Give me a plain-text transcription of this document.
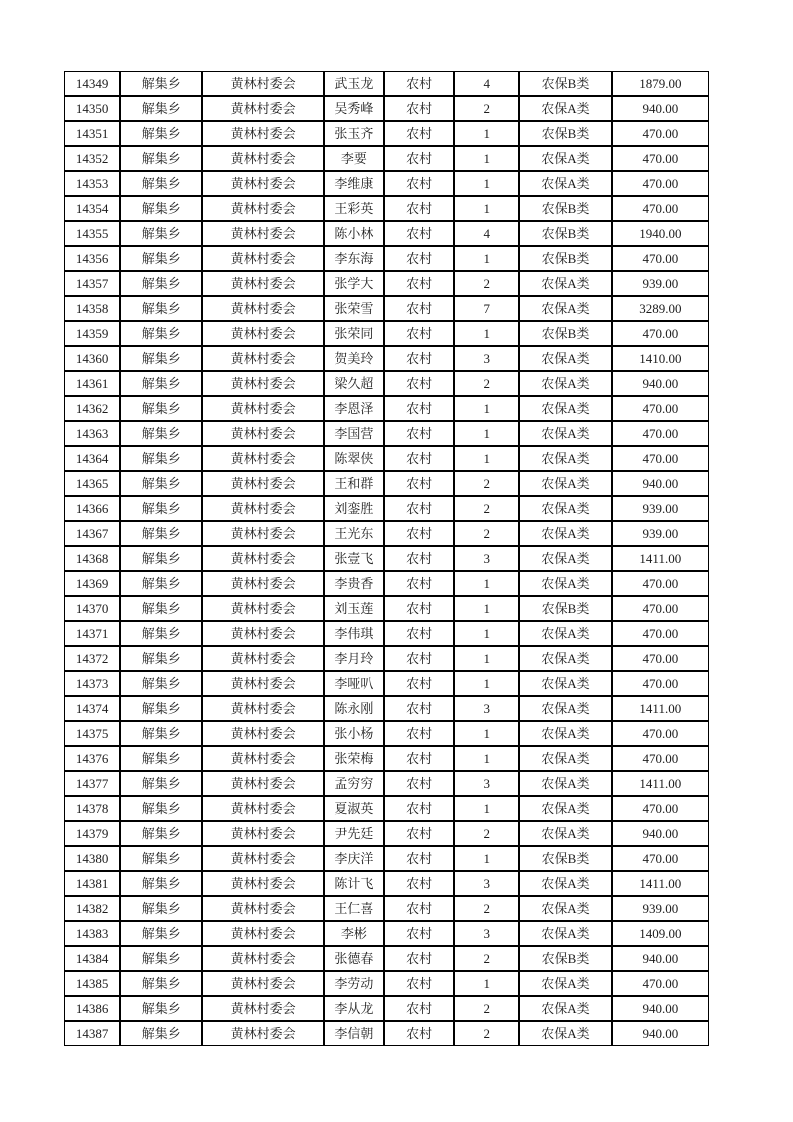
14349	解集乡	黄林村委会	武玉龙	农村	4	农保B类	1879.00
14350	解集乡	黄林村委会	吴秀峰	农村	2	农保A类	940.00
14351	解集乡	黄林村委会	张玉齐	农村	1	农保B类	470.00
14352	解集乡	黄林村委会	李要	农村	1	农保A类	470.00
14353	解集乡	黄林村委会	李维康	农村	1	农保A类	470.00
14354	解集乡	黄林村委会	王彩英	农村	1	农保B类	470.00
14355	解集乡	黄林村委会	陈小林	农村	4	农保B类	1940.00
14356	解集乡	黄林村委会	李东海	农村	1	农保B类	470.00
14357	解集乡	黄林村委会	张学大	农村	2	农保A类	939.00
14358	解集乡	黄林村委会	张荣雪	农村	7	农保A类	3289.00
14359	解集乡	黄林村委会	张荣同	农村	1	农保B类	470.00
14360	解集乡	黄林村委会	贺美玲	农村	3	农保A类	1410.00
14361	解集乡	黄林村委会	梁久超	农村	2	农保A类	940.00
14362	解集乡	黄林村委会	李恩泽	农村	1	农保A类	470.00
14363	解集乡	黄林村委会	李国营	农村	1	农保A类	470.00
14364	解集乡	黄林村委会	陈翠侠	农村	1	农保A类	470.00
14365	解集乡	黄林村委会	王和群	农村	2	农保A类	940.00
14366	解集乡	黄林村委会	刘銮胜	农村	2	农保A类	939.00
14367	解集乡	黄林村委会	王光东	农村	2	农保A类	939.00
14368	解集乡	黄林村委会	张壹飞	农村	3	农保A类	1411.00
14369	解集乡	黄林村委会	李贵香	农村	1	农保A类	470.00
14370	解集乡	黄林村委会	刘玉莲	农村	1	农保B类	470.00
14371	解集乡	黄林村委会	李伟琪	农村	1	农保A类	470.00
14372	解集乡	黄林村委会	李月玲	农村	1	农保A类	470.00
14373	解集乡	黄林村委会	李哑叭	农村	1	农保A类	470.00
14374	解集乡	黄林村委会	陈永刚	农村	3	农保A类	1411.00
14375	解集乡	黄林村委会	张小杨	农村	1	农保A类	470.00
14376	解集乡	黄林村委会	张荣梅	农村	1	农保A类	470.00
14377	解集乡	黄林村委会	孟穷穷	农村	3	农保A类	1411.00
14378	解集乡	黄林村委会	夏淑英	农村	1	农保A类	470.00
14379	解集乡	黄林村委会	尹先廷	农村	2	农保A类	940.00
14380	解集乡	黄林村委会	李庆洋	农村	1	农保B类	470.00
14381	解集乡	黄林村委会	陈计飞	农村	3	农保A类	1411.00
14382	解集乡	黄林村委会	王仁喜	农村	2	农保A类	939.00
14383	解集乡	黄林村委会	李彬	农村	3	农保A类	1409.00
14384	解集乡	黄林村委会	张德春	农村	2	农保B类	940.00
14385	解集乡	黄林村委会	李劳动	农村	1	农保A类	470.00
14386	解集乡	黄林村委会	李从龙	农村	2	农保A类	940.00
14387	解集乡	黄林村委会	李信朝	农村	2	农保A类	940.00
